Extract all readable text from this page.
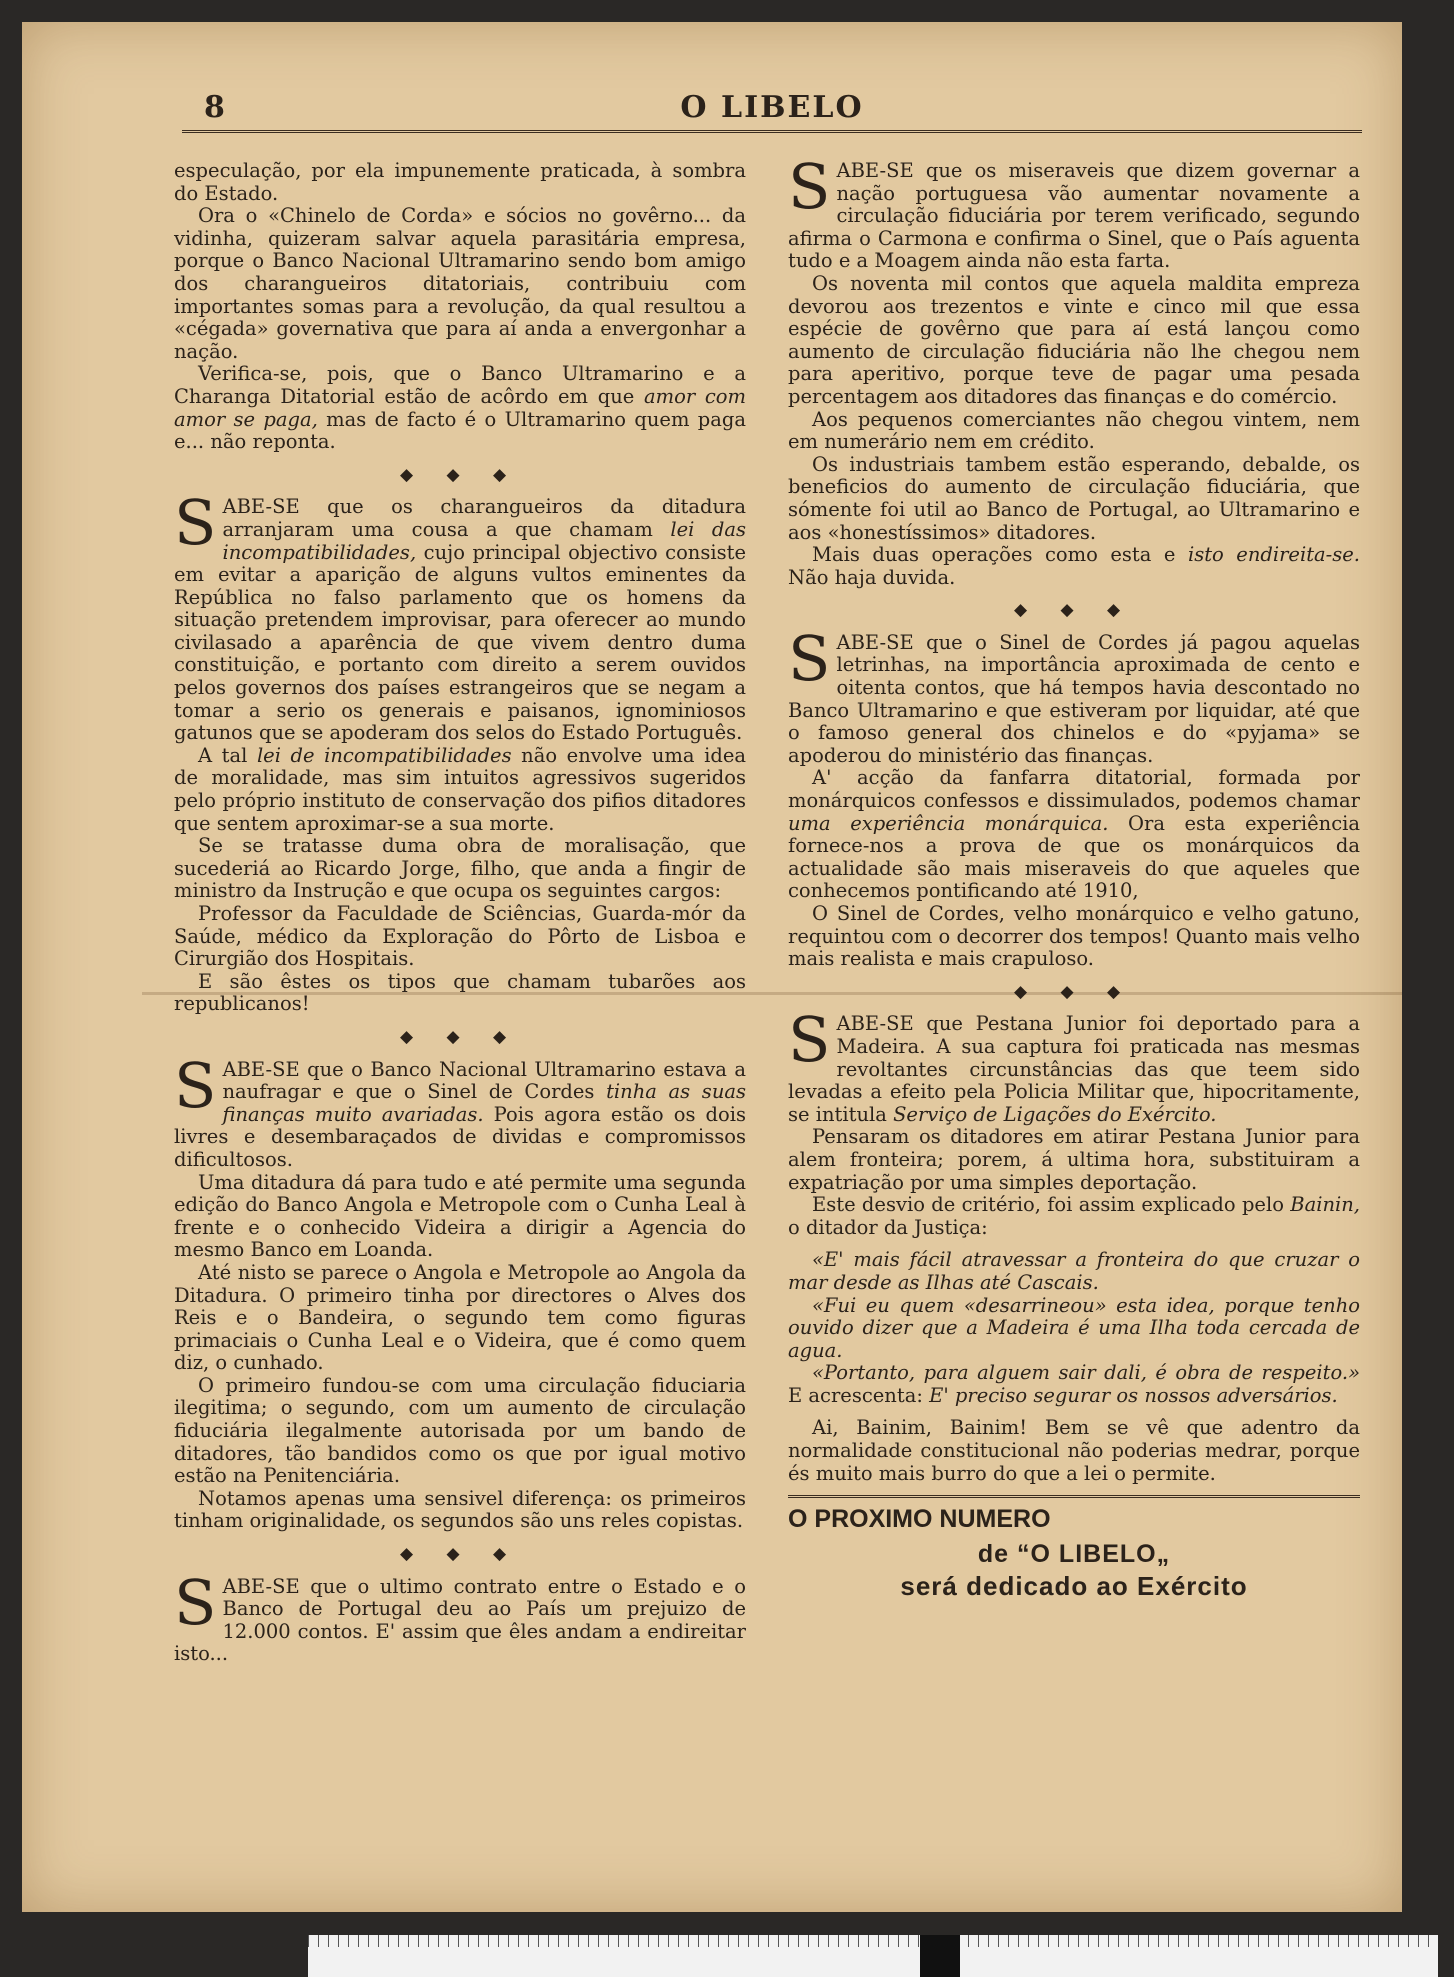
8	O LIBELO

especulação, por ela impunemente praticada, à sombra do Estado.

Ora o «Chinelo de Corda» e sócios no govêrno... da vidinha, quizeram salvar aquela parasitária empresa, porque o Banco Nacional Ultramarino sendo bom amigo dos charangueiros ditatoriais, contribuiu com importantes somas para a revolução, da qual resultou a «cégada» governativa que para aí anda a envergonhar a nação.

Verifica-se, pois, que o Banco Ultramarino e a Charanga Ditatorial estão de acôrdo em que amor com amor se paga, mas de facto é o Ultramarino quem paga e... não reponta.

◆ ◆ ◆

SABE-SE que os charangueiros da ditadura arranjaram uma cousa a que chamam lei das incompatibilidades, cujo principal objectivo consiste em evitar a aparição de alguns vultos eminentes da República no falso parlamento que os homens da situação pretendem improvisar, para oferecer ao mundo civilasado a aparência de que vivem dentro duma constituição, e portanto com direito a serem ouvidos pelos governos dos países estrangeiros que se negam a tomar a serio os generais e paisanos, ignominiosos gatunos que se apoderam dos selos do Estado Português.

A tal lei de incompatibilidades não envolve uma idea de moralidade, mas sim intuitos agressivos sugeridos pelo próprio instituto de conservação dos pifios ditadores que sentem aproximar-se a sua morte.

Se se tratasse duma obra de moralisação, que sucederiá ao Ricardo Jorge, filho, que anda a fingir de ministro da Instrução e que ocupa os seguintes cargos:

Professor da Faculdade de Sciências, Guarda-mór da Saúde, médico da Exploração do Pôrto de Lisboa e Cirurgião dos Hospitais.

E são êstes os tipos que chamam tubarões aos republicanos!

◆ ◆ ◆

SABE-SE que o Banco Nacional Ultramarino estava a naufragar e que o Sinel de Cordes tinha as suas finanças muito avariadas. Pois agora estão os dois livres e desembaraçados de dividas e compromissos dificultosos.

Uma ditadura dá para tudo e até permite uma segunda edição do Banco Angola e Metropole com o Cunha Leal à frente e o conhecido Videira a dirigir a Agencia do mesmo Banco em Loanda.

Até nisto se parece o Angola e Metropole ao Angola da Ditadura. O primeiro tinha por directores o Alves dos Reis e o Bandeira, o segundo tem como figuras primaciais o Cunha Leal e o Videira, que é como quem diz, o cunhado.

O primeiro fundou-se com uma circulação fiduciaria ilegitima; o segundo, com um aumento de circulação fiduciária ilegalmente autorisada por um bando de ditadores, tão bandidos como os que por igual motivo estão na Penitenciária.

Notamos apenas uma sensivel diferença: os primeiros tinham originalidade, os segundos são uns reles copistas.

◆ ◆ ◆

SABE-SE que o ultimo contrato entre o Estado e o Banco de Portugal deu ao País um prejuizo de 12.000 contos. E' assim que êles andam a endireitar isto...

SABE-SE que os miseraveis que dizem governar a nação portuguesa vão aumentar novamente a circulação fiduciária por terem verificado, segundo afirma o Carmona e confirma o Sinel, que o País aguenta tudo e a Moagem ainda não esta farta.

Os noventa mil contos que aquela maldita empreza devorou aos trezentos e vinte e cinco mil que essa espécie de govêrno que para aí está lançou como aumento de circulação fiduciária não lhe chegou nem para aperitivo, porque teve de pagar uma pesada percentagem aos ditadores das finanças e do comércio.

Aos pequenos comerciantes não chegou vintem, nem em numerário nem em crédito.

Os industriais tambem estão esperando, debalde, os beneficios do aumento de circulação fiduciária, que sómente foi util ao Banco de Portugal, ao Ultramarino e aos «honestíssimos» ditadores.

Mais duas operações como esta e isto endireita-se. Não haja duvida.

◆ ◆ ◆

SABE-SE que o Sinel de Cordes já pagou aquelas letrinhas, na importância aproximada de cento e oitenta contos, que há tempos havia descontado no Banco Ultramarino e que estiveram por liquidar, até que o famoso general dos chinelos e do «pyjama» se apoderou do ministério das finanças.

A' acção da fanfarra ditatorial, formada por monárquicos confessos e dissimulados, podemos chamar uma experiência monárquica. Ora esta experiência fornece-nos a prova de que os monárquicos da actualidade são mais miseraveis do que aqueles que conhecemos pontificando até 1910,

O Sinel de Cordes, velho monárquico e velho gatuno, requintou com o decorrer dos tempos! Quanto mais velho mais realista e mais crapuloso.

◆ ◆ ◆

SABE-SE que Pestana Junior foi deportado para a Madeira. A sua captura foi praticada nas mesmas revoltantes circunstâncias das que teem sido levadas a efeito pela Policia Militar que, hipocritamente, se intitula Serviço de Ligações do Exército.

Pensaram os ditadores em atirar Pestana Junior para alem fronteira; porem, á ultima hora, substituiram a expatriação por uma simples deportação.

Este desvio de critério, foi assim explicado pelo Bainin, o ditador da Justiça:

«E' mais fácil atravessar a fronteira do que cruzar o mar desde as Ilhas até Cascais.

«Fui eu quem «desarrineou» esta idea, porque tenho ouvido dizer que a Madeira é uma Ilha toda cercada de agua.

«Portanto, para alguem sair dali, é obra de respeito.» E acrescenta: E' preciso segurar os nossos adversários.

Ai, Bainim, Bainim! Bem se vê que adentro da normalidade constitucional não poderias medrar, porque és muito mais burro do que a lei o permite.

O PROXIMO NUMERO
de “O LIBELO„
será dedicado ao Exército
